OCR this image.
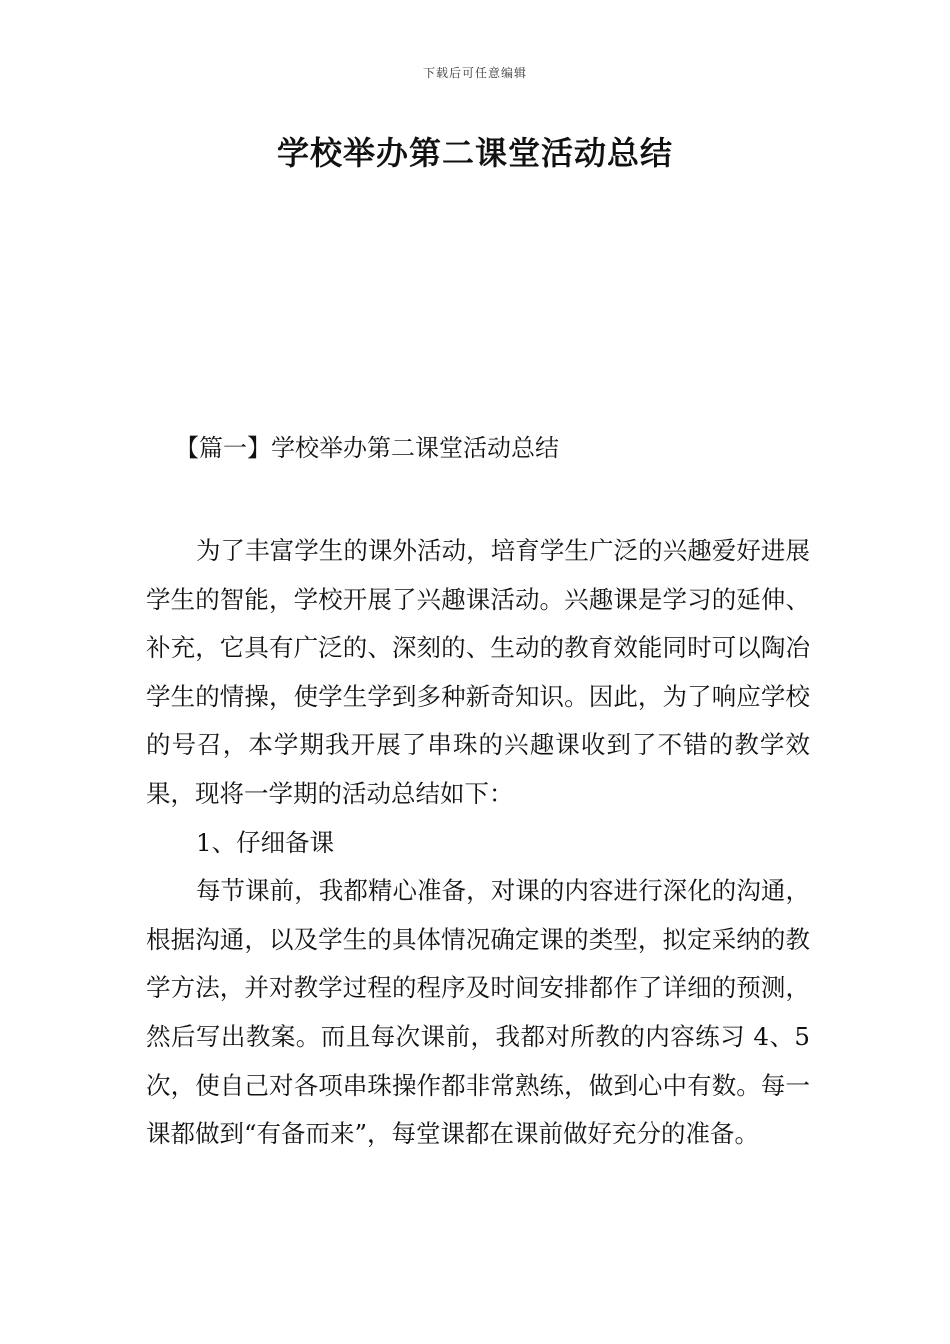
下载后可任意编辑
学校举办第二课堂活动总结
【篇一】学校举办第二课堂活动总结

为了丰富学生的课外活动，培育学生广泛的兴趣爱好进展学生的智能，学校开展了兴趣课活动。兴趣课是学习的延伸、补充，它具有广泛的、深刻的、生动的教育效能同时可以陶冶学生的情操，使学生学到多种新奇知识。因此，为了响应学校的号召，本学期我开展了串珠的兴趣课收到了不错的教学效果，现将一学期的活动总结如下：

1、仔细备课

每节课前，我都精心准备，对课的内容进行深化的沟通，根据沟通，以及学生的具体情况确定课的类型，拟定采纳的教学方法，并对教学过程的程序及时间安排都作了详细的预测，然后写出教案。而且每次课前，我都对所教的内容练习 4、5 次，使自己对各项串珠操作都非常熟练，做到心中有数。每一课都做到“有备而来”，每堂课都在课前做好充分的准备。
